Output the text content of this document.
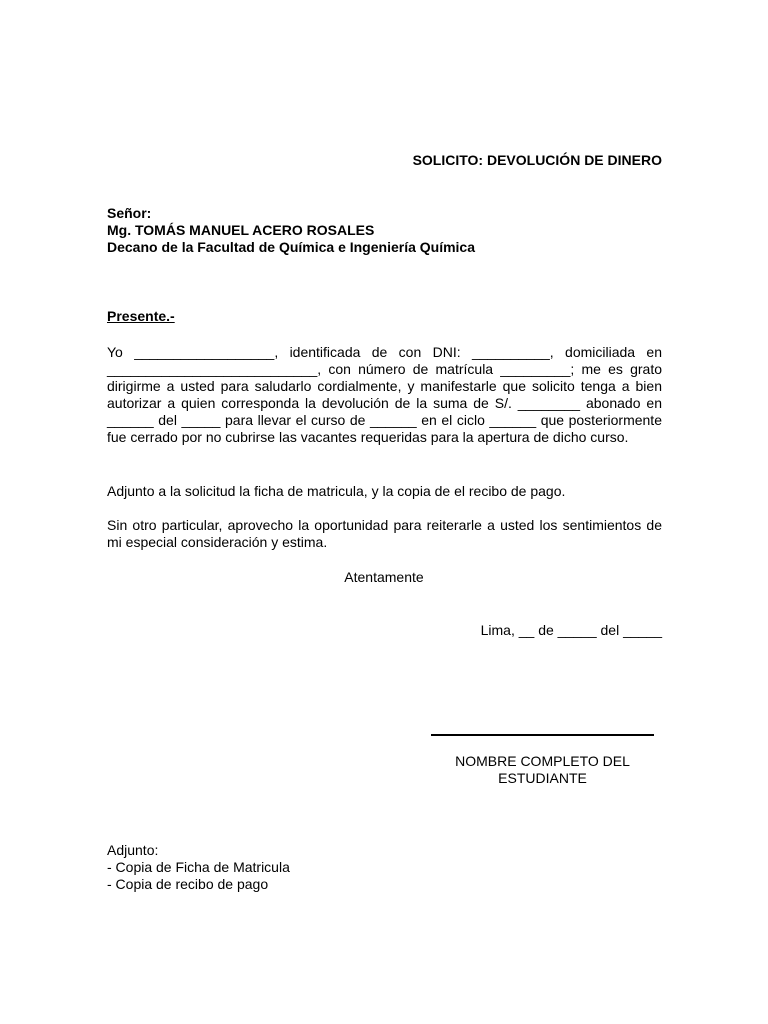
SOLICITO: DEVOLUCIÓN DE DINERO
Señor:
Mg. TOMÁS MANUEL ACERO ROSALES
Decano de la Facultad de Química e Ingeniería Química
Presente.-
Yo __________________, identificada de con DNI: __________, domiciliada en ___________________________, con número de matrícula _________; me es grato dirigirme a usted para saludarlo cordialmente, y manifestarle que solicito tenga a bien autorizar a quien corresponda la devolución de la suma de S/. ________ abonado en ______ del _____ para llevar el curso de ______ en el ciclo ______ que posteriormente fue cerrado por no cubrirse las vacantes requeridas para la apertura de dicho curso.
Adjunto a la solicitud la ficha de matricula, y la copia de el recibo de pago.
Sin otro particular, aprovecho la oportunidad para reiterarle a usted los sentimientos de mi especial consideración y estima.
Atentamente
Lima, __ de _____ del _____
NOMBRE COMPLETO DEL
ESTUDIANTE
Adjunto:
- Copia de Ficha de Matricula
- Copia de recibo de pago
